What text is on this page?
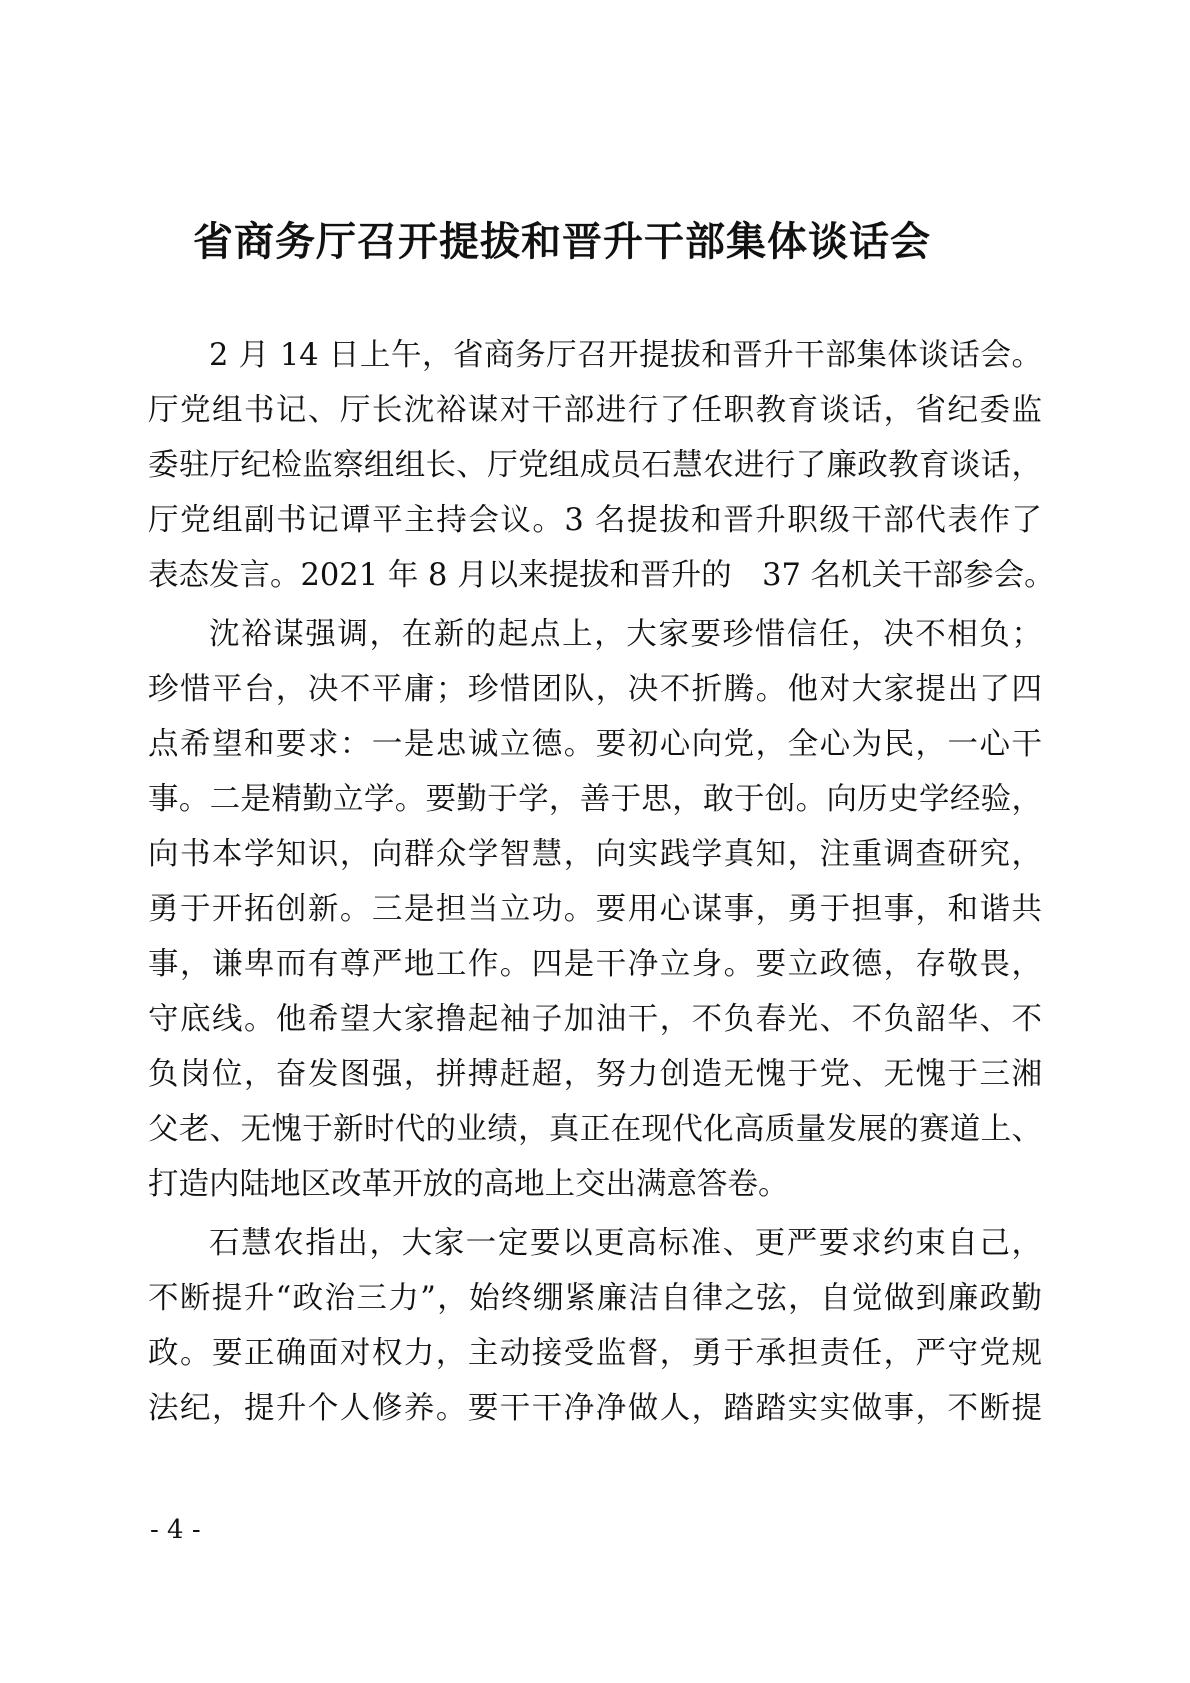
省商务厅召开提拔和晋升干部集体谈话会
2 月 14 日上午，省商务厅召开提拔和晋升干部集体谈话会。
厅党组书记、厅长沈裕谋对干部进行了任职教育谈话，省纪委监
委驻厅纪检监察组组长、厅党组成员石慧农进行了廉政教育谈话，
厅党组副书记谭平主持会议。3 名提拔和晋升职级干部代表作了
表态发言。2021 年 8 月以来提拔和晋升的　37 名机关干部参会。
沈裕谋强调，在新的起点上，大家要珍惜信任，决不相负；
珍惜平台，决不平庸；珍惜团队，决不折腾。他对大家提出了四
点希望和要求：一是忠诚立德。要初心向党，全心为民，一心干
事。二是精勤立学。要勤于学，善于思，敢于创。向历史学经验，
向书本学知识，向群众学智慧，向实践学真知，注重调查研究，
勇于开拓创新。三是担当立功。要用心谋事，勇于担事，和谐共
事，谦卑而有尊严地工作。四是干净立身。要立政德，存敬畏，
守底线。他希望大家撸起袖子加油干，不负春光、不负韶华、不
负岗位，奋发图强，拼搏赶超，努力创造无愧于党、无愧于三湘
父老、无愧于新时代的业绩，真正在现代化高质量发展的赛道上、
打造内陆地区改革开放的高地上交出满意答卷。
石慧农指出，大家一定要以更高标准、更严要求约束自己，
不断提升“政治三力”，始终绷紧廉洁自律之弦，自觉做到廉政勤
政。要正确面对权力，主动接受监督，勇于承担责任，严守党规
法纪，提升个人修养。要干干净净做人，踏踏实实做事，不断提
- 4 -
